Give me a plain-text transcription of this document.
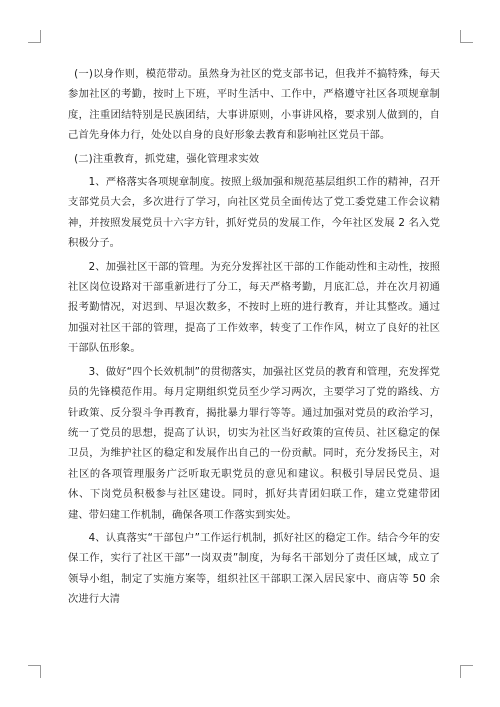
(一)以身作则，模范带动。虽然身为社区的党支部书记，但我并不搞特殊，每天参加社区的考勤，按时上下班，平时生活中、工作中，严格遵守社区各项规章制度，注重团结特别是民族团结，大事讲原则，小事讲风格，要求别人做到的，自己首先身体力行，处处以自身的良好形象去教育和影响社区党员干部。

(二)注重教育，抓党建，强化管理求实效

1、严格落实各项规章制度。按照上级加强和规范基层组织工作的精神，召开支部党员大会，多次进行了学习，向社区党员全面传达了党工委党建工作会议精神，并按照发展党员十六字方针，抓好党员的发展工作，今年社区发展 2 名入党积极分子。

2、加强社区干部的管理。为充分发挥社区干部的工作能动性和主动性，按照社区岗位设路对干部重新进行了分工，每天严格考勤，月底汇总，并在次月初通报考勤情况，对迟到、早退次数多，不按时上班的进行教育，并让其整改。通过加强对社区干部的管理，提高了工作效率，转变了工作作风，树立了良好的社区干部队伍形象。

3、做好“四个长效机制”的贯彻落实，加强社区党员的教育和管理，充发挥党员的先锋模范作用。每月定期组织党员至少学习两次，主要学习了党的路线、方针政策、反分裂斗争再教育，揭批暴力罪行等等。通过加强对党员的政治学习，统一了党员的思想，提高了认识，切实为社区当好政策的宣传员、社区稳定的保卫员，为维护社区的稳定和发展作出自己的一份贡献。同时，充分发扬民主，对社区的各项管理服务广泛听取无职党员的意见和建议。积极引导居民党员、退休、下岗党员积极参与社区建设。同时，抓好共青团妇联工作，建立党建带团建、带妇建工作机制，确保各项工作落实到实处。

4、认真落实“干部包户”工作运行机制，抓好社区的稳定工作。结合今年的安保工作，实行了社区干部”一岗双责”制度，为每名干部划分了责任区域，成立了领导小组，制定了实施方案等，组织社区干部职工深入居民家中、商店等 50 余次进行大清
